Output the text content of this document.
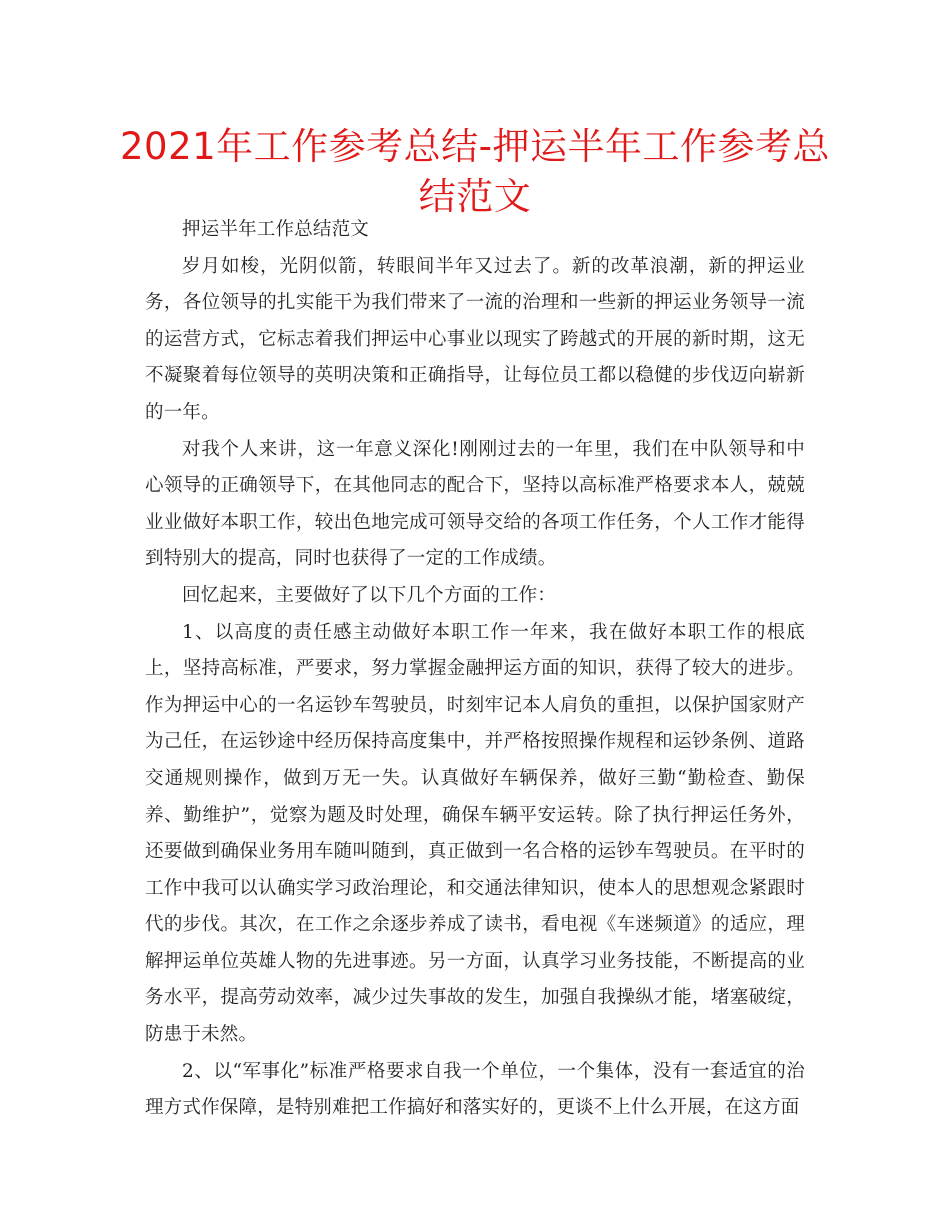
2021年工作参考总结-押运半年工作参考总结范文

押运半年工作总结范文

岁月如梭，光阴似箭，转眼间半年又过去了。新的改革浪潮，新的押运业务，各位领导的扎实能干为我们带来了一流的治理和一些新的押运业务领导一流的运营方式，它标志着我们押运中心事业以现实了跨越式的开展的新时期，这无不凝聚着每位领导的英明决策和正确指导，让每位员工都以稳健的步伐迈向崭新的一年。

对我个人来讲，这一年意义深化!刚刚过去的一年里，我们在中队领导和中心领导的正确领导下，在其他同志的配合下，坚持以高标准严格要求本人，兢兢业业做好本职工作，较出色地完成可领导交给的各项工作任务，个人工作才能得到特别大的提高，同时也获得了一定的工作成绩。

回忆起来，主要做好了以下几个方面的工作：

1、以高度的责任感主动做好本职工作一年来，我在做好本职工作的根底上，坚持高标准，严要求，努力掌握金融押运方面的知识，获得了较大的进步。作为押运中心的一名运钞车驾驶员，时刻牢记本人肩负的重担，以保护国家财产为己任，在运钞途中经历保持高度集中，并严格按照操作规程和运钞条例、道路交通规则操作，做到万无一失。认真做好车辆保养，做好三勤“勤检查、勤保养、勤维护”，觉察为题及时处理，确保车辆平安运转。除了执行押运任务外，还要做到确保业务用车随叫随到，真正做到一名合格的运钞车驾驶员。在平时的工作中我可以认确实学习政治理论，和交通法律知识，使本人的思想观念紧跟时代的步伐。其次，在工作之余逐步养成了读书，看电视《车迷频道》的适应，理解押运单位英雄人物的先进事迹。另一方面，认真学习业务技能，不断提高的业务水平，提高劳动效率，减少过失事故的发生，加强自我操纵才能，堵塞破绽，防患于未然。

2、以“军事化”标准严格要求自我一个单位，一个集体，没有一套适宜的治理方式作保障，是特别难把工作搞好和落实好的，更谈不上什么开展，在这方面
